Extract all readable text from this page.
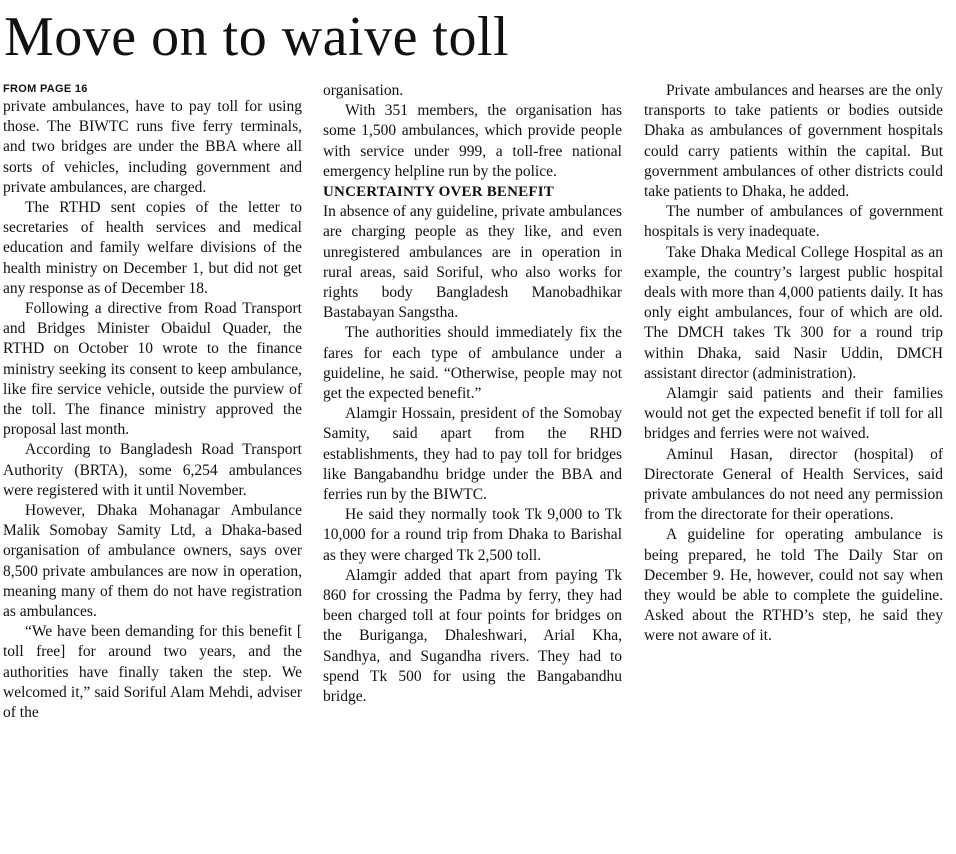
Move on to waive toll
FROM PAGE 16

private ambulances, have to pay toll for using those. The BIWTC runs five ferry terminals, and two bridges are under the BBA where all sorts of vehicles, including government and private ambulances, are charged.

The RTHD sent copies of the letter to secretaries of health services and medical education and family welfare divisions of the health ministry on December 1, but did not get any response as of December 18.

Following a directive from Road Transport and Bridges Minister Obaidul Quader, the RTHD on October 10 wrote to the finance ministry seeking its consent to keep ambulance, like fire service vehicle, outside the purview of the toll. The finance ministry approved the proposal last month.

According to Bangladesh Road Transport Authority (BRTA), some 6,254 ambulances were registered with it until November.

However, Dhaka Mohanagar Ambulance Malik Somobay Samity Ltd, a Dhaka-based organisation of ambulance owners, says over 8,500 private ambulances are now in operation, meaning many of them do not have registration as ambulances.

“We have been demanding for this benefit [ toll free] for around two years, and the authorities have finally taken the step. We welcomed it,” said Soriful Alam Mehdi, adviser of the

organisation.

With 351 members, the organisation has some 1,500 ambulances, which provide people with service under 999, a toll-free national emergency helpline run by the police.

UNCERTAINTY OVER BENEFIT

In absence of any guideline, private ambulances are charging people as they like, and even unregistered ambulances are in operation in rural areas, said Soriful, who also works for rights body Bangladesh Manobadhikar Bastabayan Sangstha.

The authorities should immediately fix the fares for each type of ambulance under a guideline, he said. “Otherwise, people may not get the expected benefit.”

Alamgir Hossain, president of the Somobay Samity, said apart from the RHD establishments, they had to pay toll for bridges like Bangabandhu bridge under the BBA and ferries run by the BIWTC.

He said they normally took Tk 9,000 to Tk 10,000 for a round trip from Dhaka to Barishal as they were charged Tk 2,500 toll.

Alamgir added that apart from paying Tk 860 for crossing the Padma by ferry, they had been charged toll at four points for bridges on the Buriganga, Dhaleshwari, Arial Kha, Sandhya, and Sugandha rivers. They had to spend Tk 500 for using the Bangabandhu bridge.

Private ambulances and hearses are the only transports to take patients or bodies outside Dhaka as ambulances of government hospitals could carry patients within the capital. But government ambulances of other districts could take patients to Dhaka, he added.

The number of ambulances of government hospitals is very inadequate.

Take Dhaka Medical College Hospital as an example, the country’s largest public hospital deals with more than 4,000 patients daily. It has only eight ambulances, four of which are old. The DMCH takes Tk 300 for a round trip within Dhaka, said Nasir Uddin, DMCH assistant director (administration).

Alamgir said patients and their families would not get the expected benefit if toll for all bridges and ferries were not waived.

Aminul Hasan, director (hospital) of Directorate General of Health Services, said private ambulances do not need any permission from the directorate for their operations.

A guideline for operating ambulance is being prepared, he told The Daily Star on December 9. He, however, could not say when they would be able to complete the guideline. Asked about the RTHD’s step, he said they were not aware of it.
